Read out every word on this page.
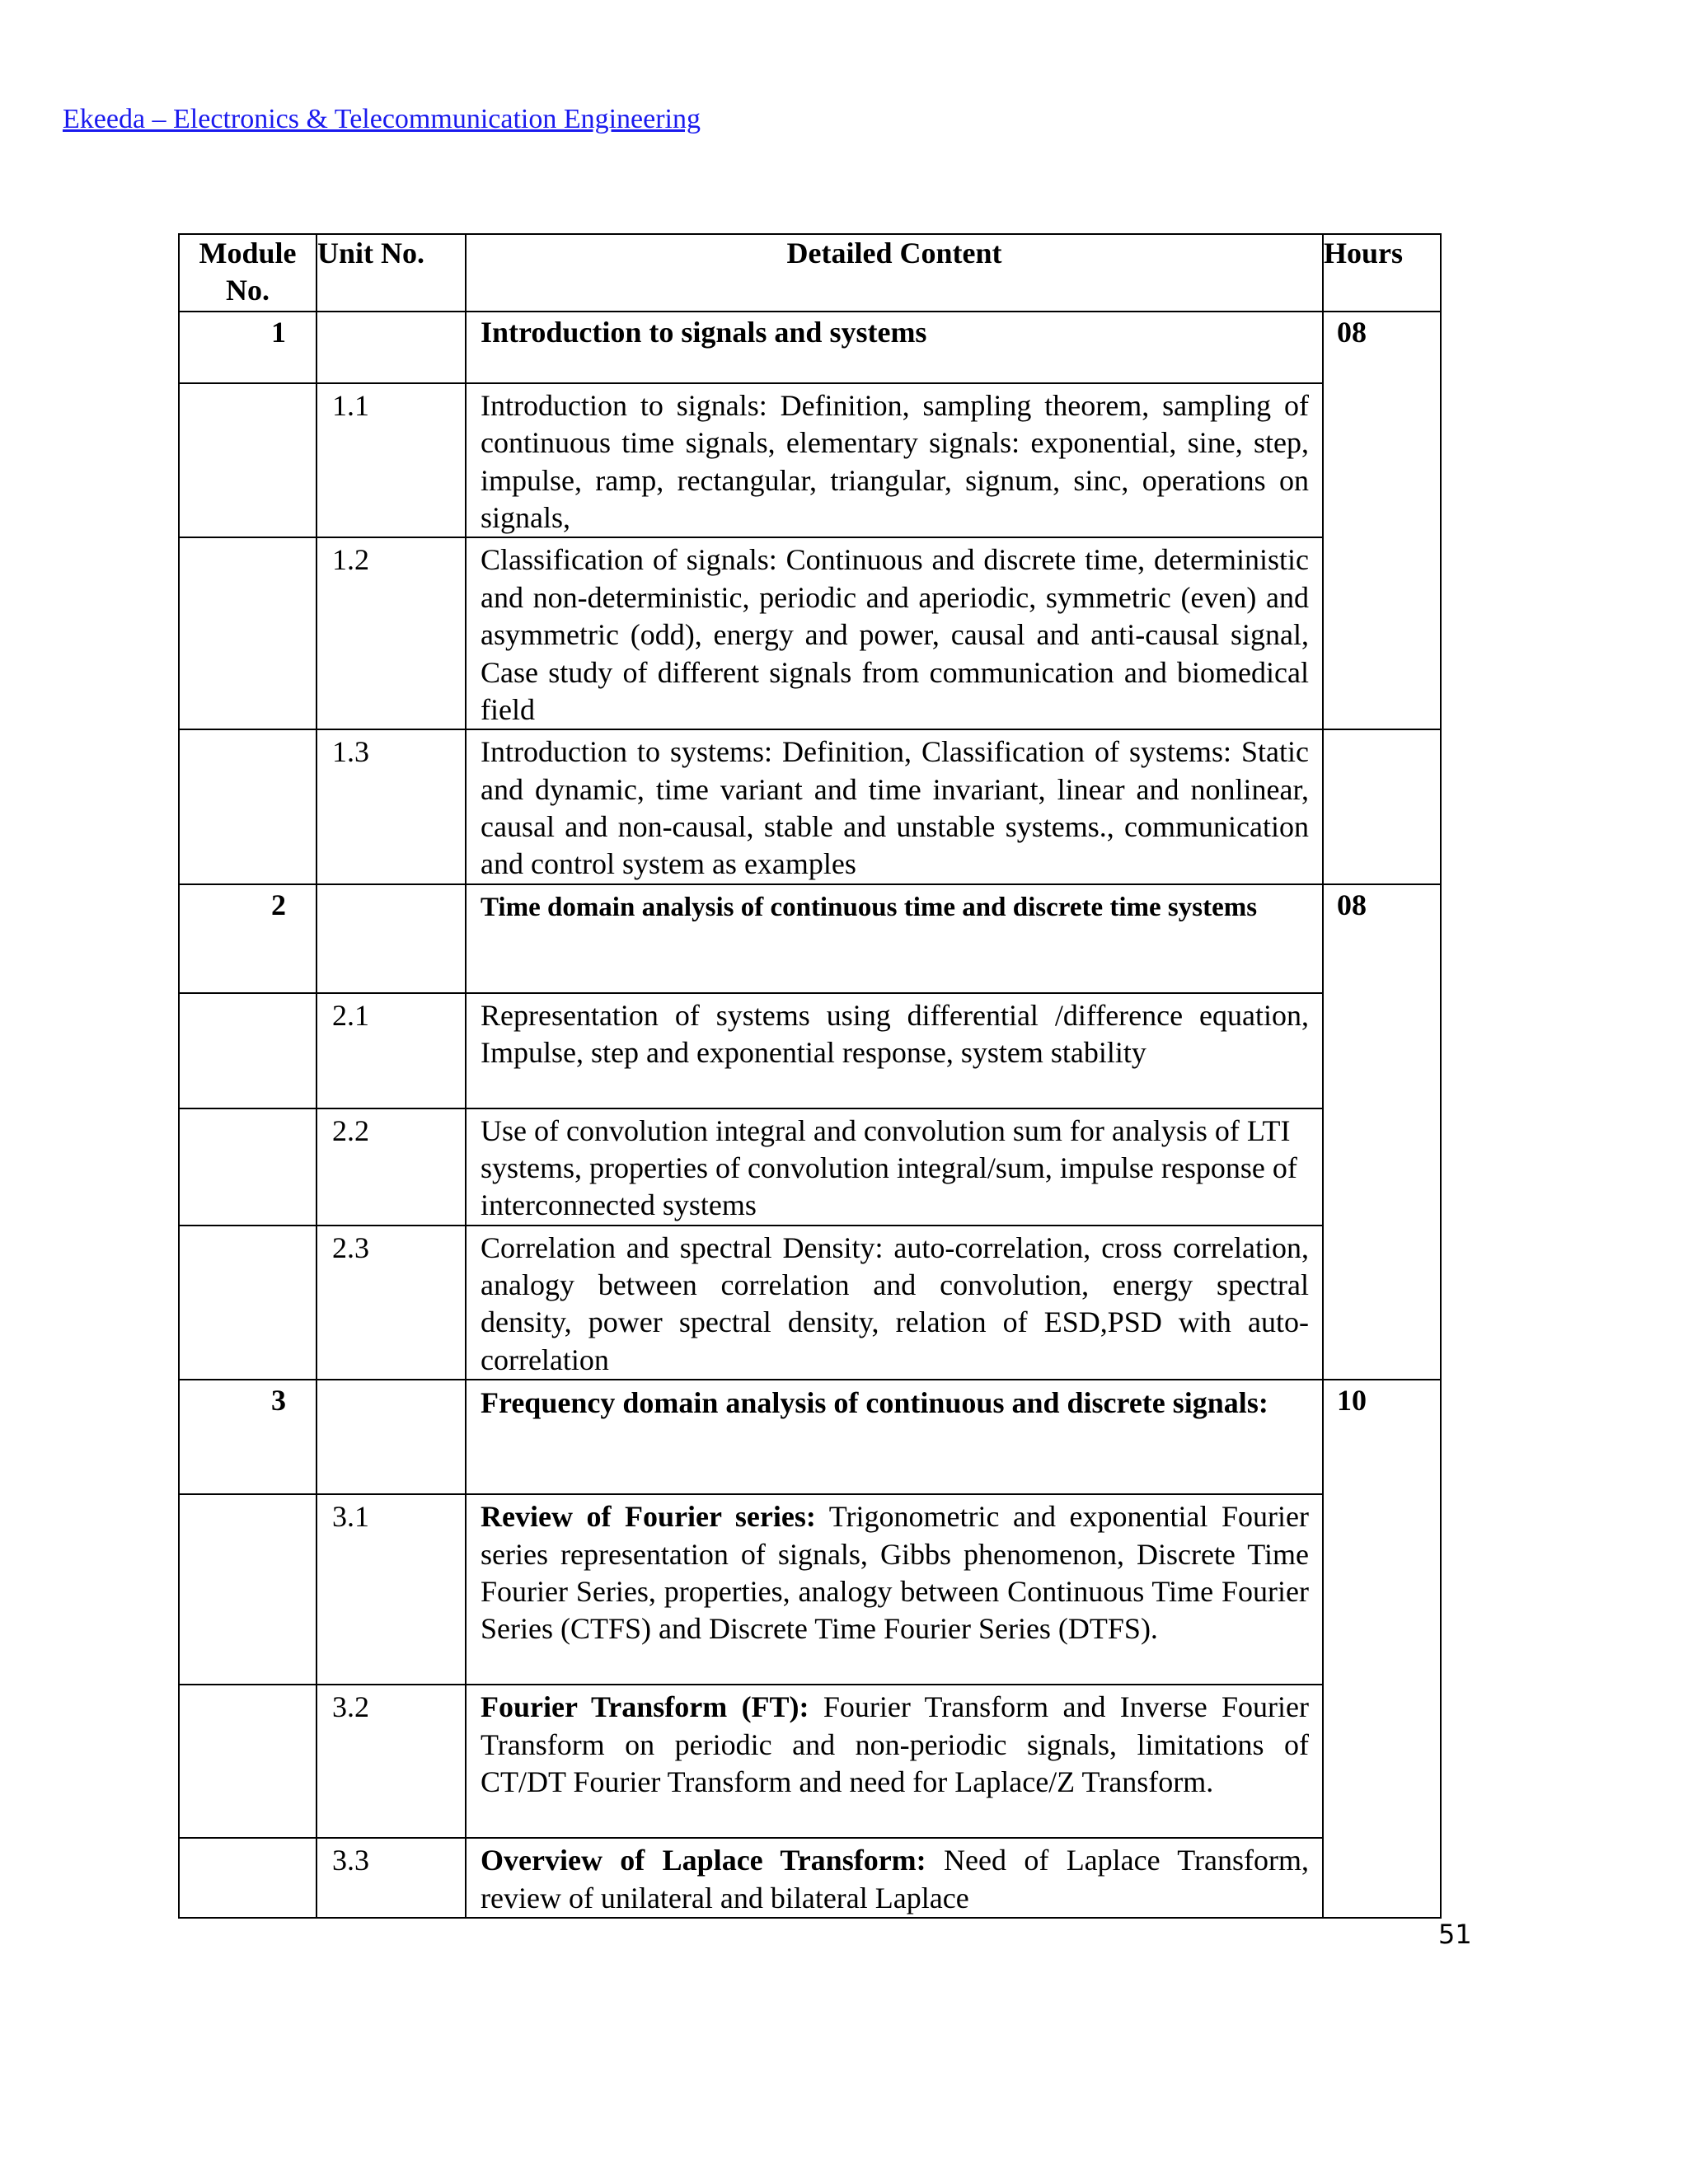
Ekeeda – Electronics & Telecommunication Engineering
Module No.	Unit No.	Detailed Content	Hours
1		Introduction to signals and systems	08
	1.1	Introduction to signals: Definition, sampling theorem, sampling of continuous time signals, elementary signals: exponential, sine, step, impulse, ramp, rectangular, triangular, signum, sinc, operations on signals,	
	1.2	Classification of signals: Continuous and discrete time, deterministic and non-deterministic, periodic and aperiodic, symmetric (even) and asymmetric (odd), energy and power, causal and anti-causal signal, Case study of different signals from communication and biomedical field	
	1.3	Introduction to systems: Definition, Classification of systems: Static and dynamic, time variant and time invariant, linear and nonlinear, causal and non-causal, stable and unstable systems., communication and control system as examples	
2		Time domain analysis of continuous time and discrete time systems	08
	2.1	Representation of systems using differential /difference equation, Impulse, step and exponential response, system stability	
	2.2	Use of convolution integral and convolution sum for analysis of LTI systems, properties of convolution integral/sum, impulse response of interconnected systems	
	2.3	Correlation and spectral Density: auto-correlation, cross correlation, analogy between correlation and convolution, energy spectral density, power spectral density, relation of ESD,PSD with auto-correlation	
3		Frequency domain analysis of continuous and discrete signals:	10
	3.1	Review of Fourier series: Trigonometric and exponential Fourier series representation of signals, Gibbs phenomenon, Discrete Time Fourier Series, properties, analogy between Continuous Time Fourier Series (CTFS) and Discrete Time Fourier Series (DTFS).	
	3.2	Fourier Transform (FT): Fourier Transform and Inverse Fourier Transform on periodic and non-periodic signals, limitations of CT/DT Fourier Transform and need for Laplace/Z Transform.	
	3.3	Overview of Laplace Transform: Need of Laplace Transform, review of unilateral and bilateral Laplace	
51
